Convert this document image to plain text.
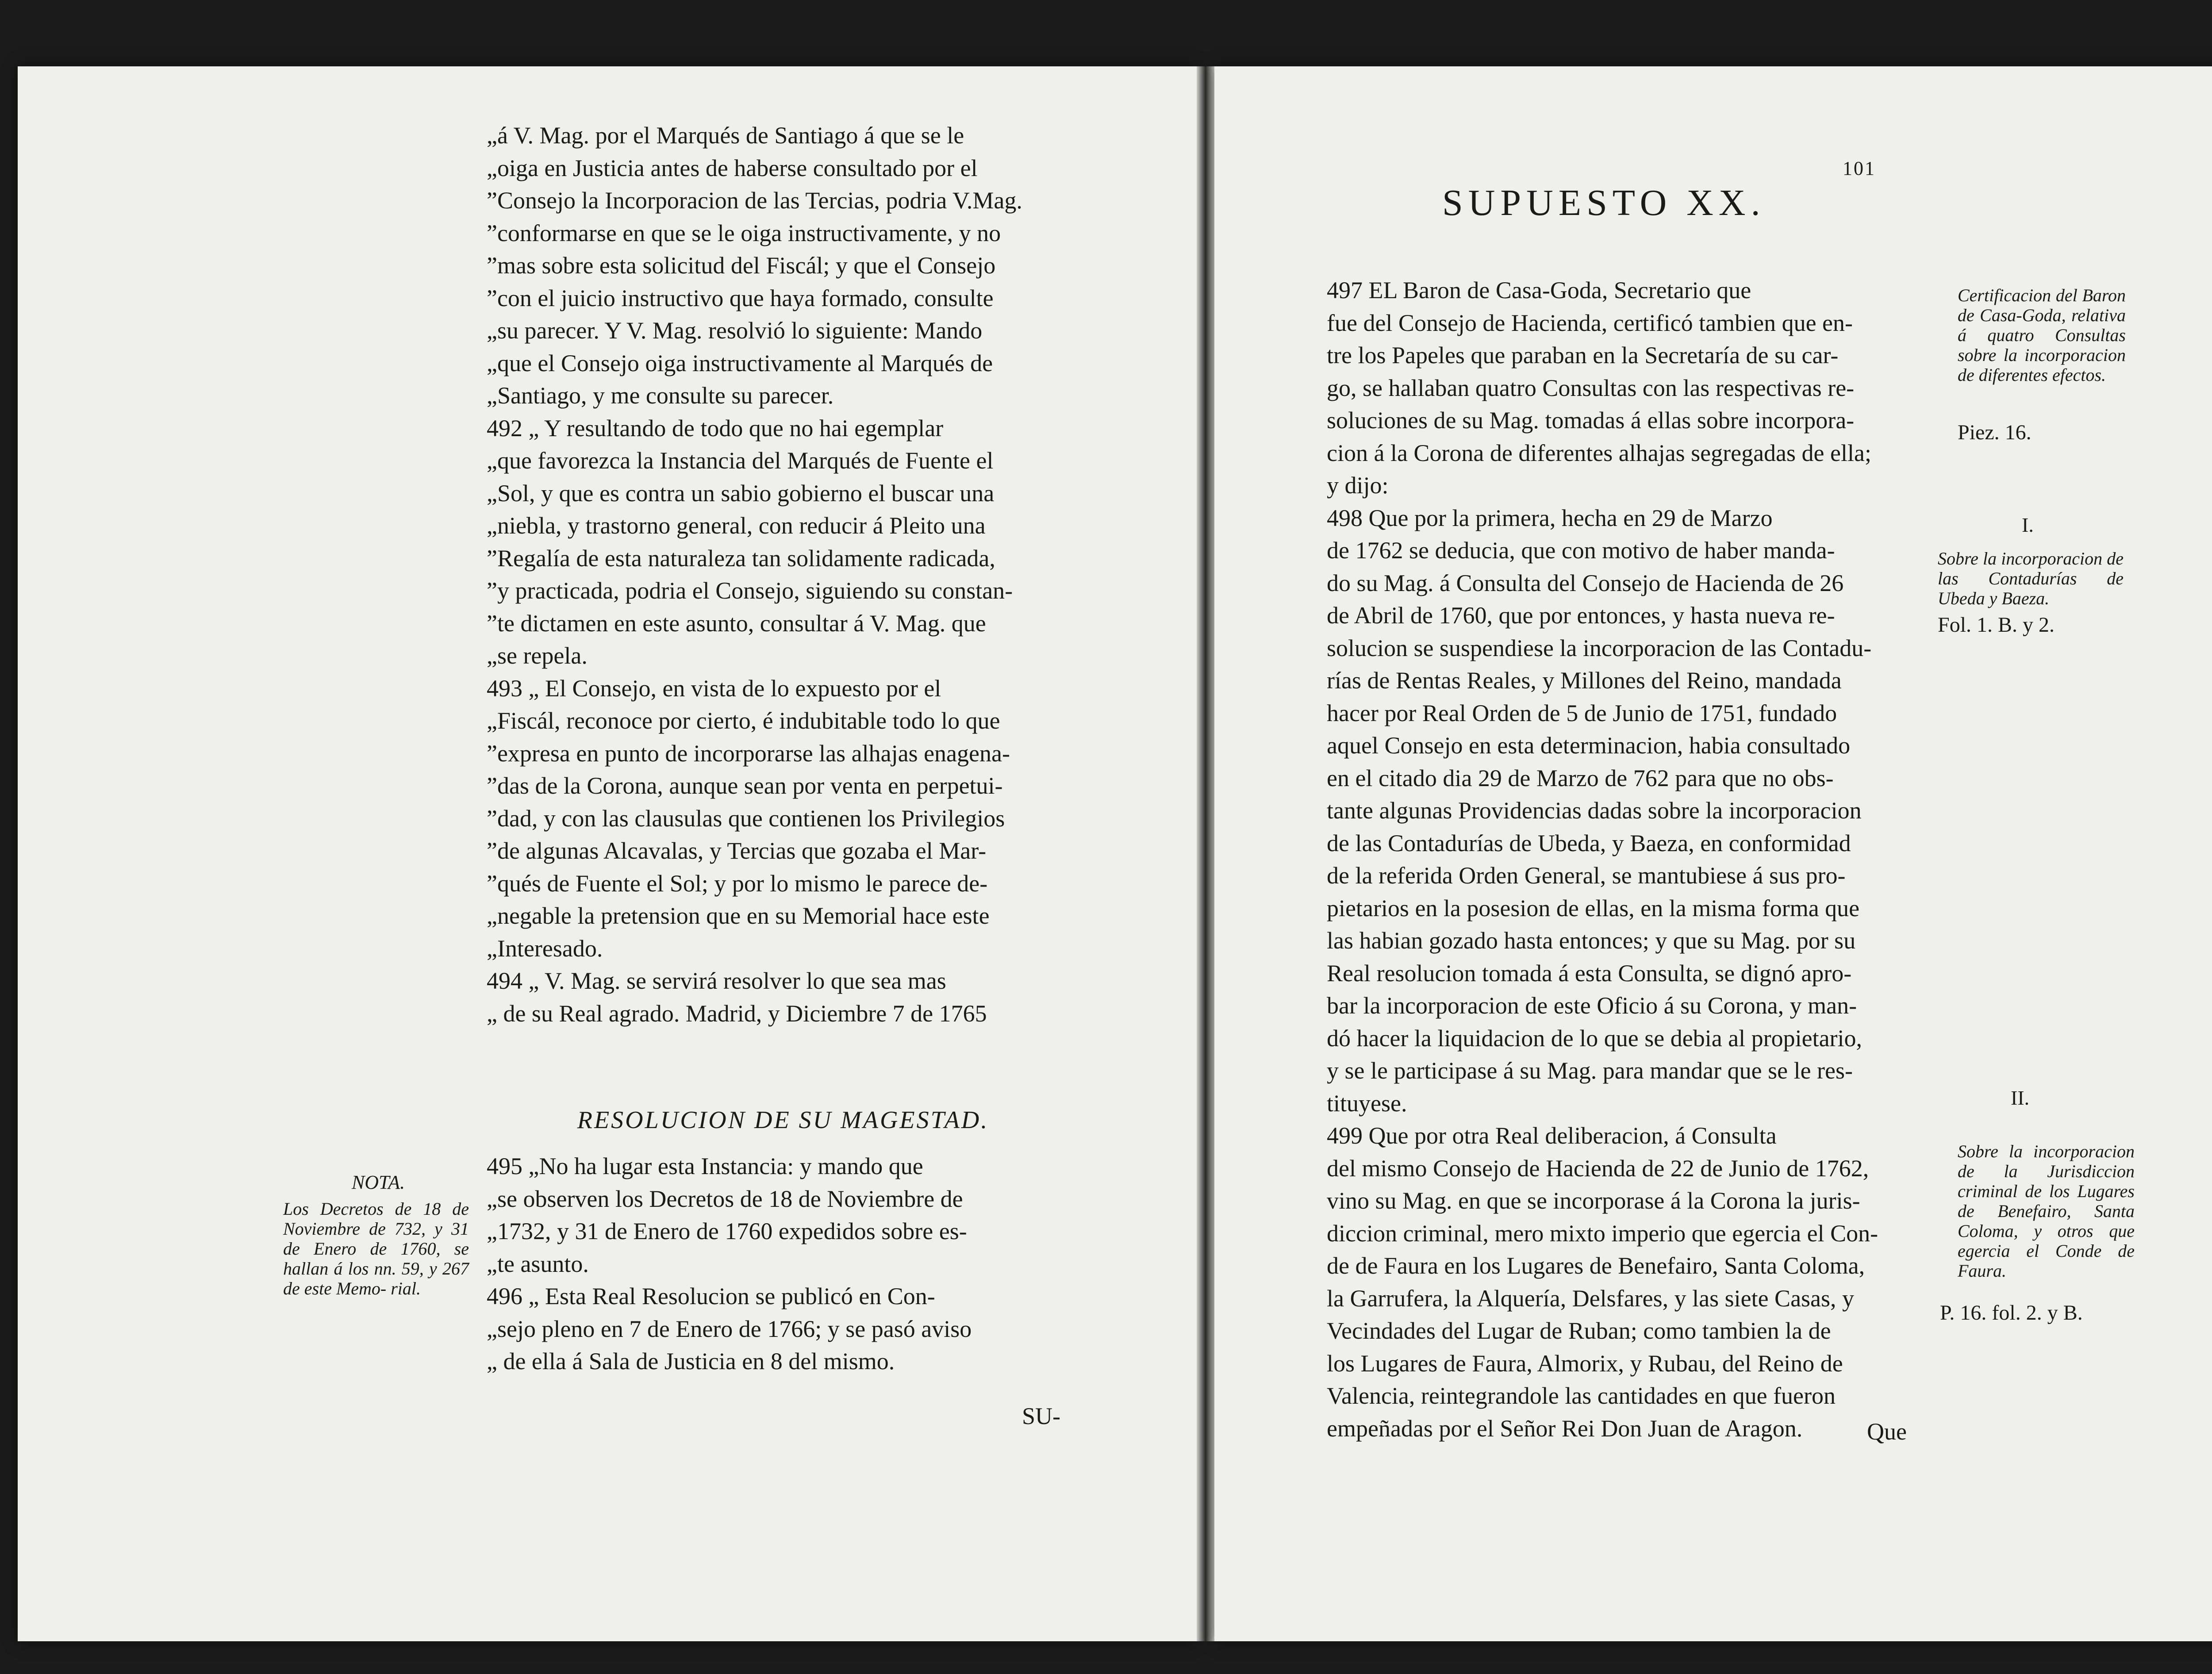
„á V. Mag. por el Marqués de Santiago á que se le
„oiga en Justicia antes de haberse consultado por el
”Consejo la Incorporacion de las Tercias, podria V.Mag.
”conformarse en que se le oiga instructivamente, y no
”mas sobre esta solicitud del Fiscál; y que el Consejo
”con el juicio instructivo que haya formado, consulte
„su parecer. Y V. Mag. resolvió lo siguiente: Mando
„que el Consejo oiga instructivamente al Marqués de
„Santiago, y me consulte su parecer.
492 „ Y resultando de todo que no hai egemplar
„que favorezca la Instancia del Marqués de Fuente el
„Sol, y que es contra un sabio gobierno el buscar una
„niebla, y trastorno general, con reducir á Pleito una
”Regalía de esta naturaleza tan solidamente radicada,
”y practicada, podria el Consejo, siguiendo su constan-
”te dictamen en este asunto, consultar á V. Mag. que
„se repela.
493 „ El Consejo, en vista de lo expuesto por el
„Fiscál, reconoce por cierto, é indubitable todo lo que
”expresa en punto de incorporarse las alhajas enagena-
”das de la Corona, aunque sean por venta en perpetui-
”dad, y con las clausulas que contienen los Privilegios
”de algunas Alcavalas, y Tercias que gozaba el Mar-
”qués de Fuente el Sol; y por lo mismo le parece de-
„negable la pretension que en su Memorial hace este
„Interesado.
494 „ V. Mag. se servirá resolver lo que sea mas
„ de su Real agrado. Madrid, y Diciembre 7 de 1765
RESOLUCION DE SU MAGESTAD.
495 „No ha lugar esta Instancia: y mando que
„se observen los Decretos de 18 de Noviembre de
„1732, y 31 de Enero de 1760 expedidos sobre es-
„te asunto.
496 „ Esta Real Resolucion se publicó en Con-
„sejo pleno en 7 de Enero de 1766; y se pasó aviso
„ de ella á Sala de Justicia en 8 del mismo.
SU-
NOTA.
Los Decretos de 18 de Noviembre de 732, y 31 de Enero de 1760, se hallan á los nn. 59, y 267 de este Memo- rial.
101
SUPUESTO XX.
497 EL Baron de Casa-Goda, Secretario que
fue del Consejo de Hacienda, certificó tambien que en-
tre los Papeles que paraban en la Secretaría de su car-
go, se hallaban quatro Consultas con las respectivas re-
soluciones de su Mag. tomadas á ellas sobre incorpora-
cion á la Corona de diferentes alhajas segregadas de ella;
y dijo:
498 Que por la primera, hecha en 29 de Marzo
de 1762 se deducia, que con motivo de haber manda-
do su Mag. á Consulta del Consejo de Hacienda de 26
de Abril de 1760, que por entonces, y hasta nueva re-
solucion se suspendiese la incorporacion de las Contadu-
rías de Rentas Reales, y Millones del Reino, mandada
hacer por Real Orden de 5 de Junio de 1751, fundado
aquel Consejo en esta determinacion, habia consultado
en el citado dia 29 de Marzo de 762 para que no obs-
tante algunas Providencias dadas sobre la incorporacion
de las Contadurías de Ubeda, y Baeza, en conformidad
de la referida Orden General, se mantubiese á sus pro-
pietarios en la posesion de ellas, en la misma forma que
las habian gozado hasta entonces; y que su Mag. por su
Real resolucion tomada á esta Consulta, se dignó apro-
bar la incorporacion de este Oficio á su Corona, y man-
dó hacer la liquidacion de lo que se debia al propietario,
y se le participase á su Mag. para mandar que se le res-
tituyese.
499 Que por otra Real deliberacion, á Consulta
del mismo Consejo de Hacienda de 22 de Junio de 1762,
vino su Mag. en que se incorporase á la Corona la juris-
diccion criminal, mero mixto imperio que egercia el Con-
de de Faura en los Lugares de Benefairo, Santa Coloma,
la Garrufera, la Alquería, Delsfares, y las siete Casas, y
Vecindades del Lugar de Ruban; como tambien la de
los Lugares de Faura, Almorix, y Rubau, del Reino de
Valencia, reintegrandole las cantidades en que fueron
empeñadas por el Señor Rei Don Juan de Aragon.	Que
Certificacion del Baron de Casa-Goda, relativa á quatro Consultas sobre la incorporacion de diferentes efectos.
Piez. 16.
I.
Sobre la incorporacion de las Contadurías de Ubeda y Baeza.
Fol. 1. B. y 2.
II.
Sobre la incorporacion de la Jurisdiccion criminal de los Lugares de Benefairo, Santa Coloma, y otros que egercia el Conde de Faura.
P. 16. fol. 2. y B.
